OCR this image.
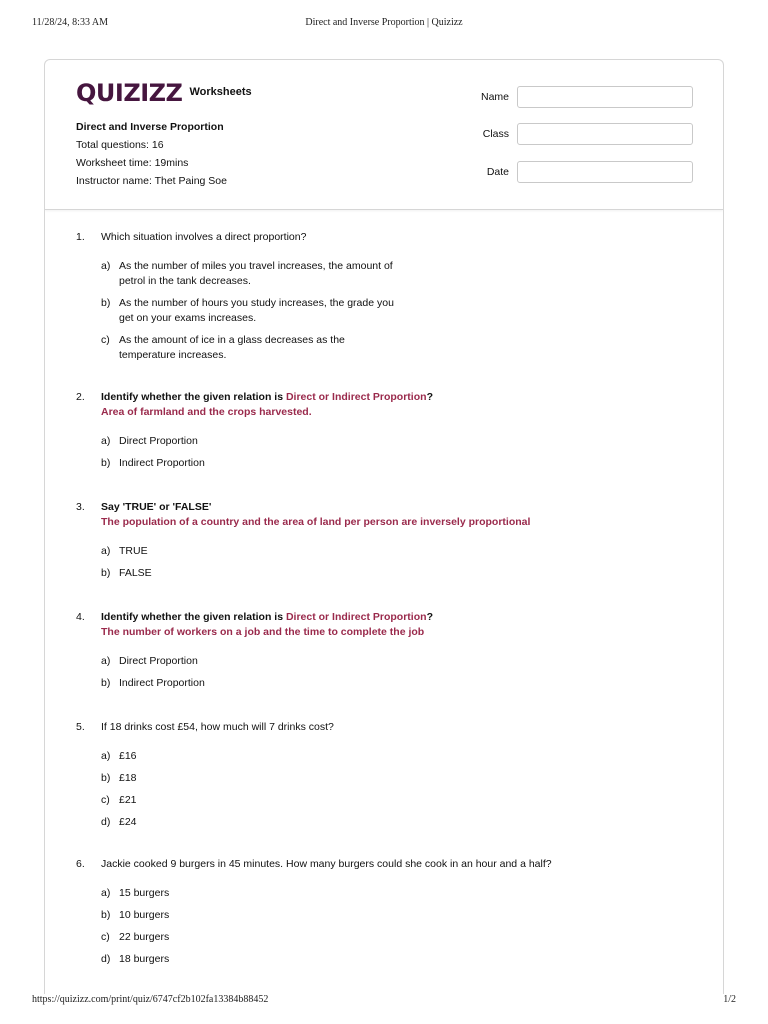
11/28/24, 8:33 AM	Direct and Inverse Proportion | Quizizz
QUIZIZZ Worksheets
Direct and Inverse Proportion
Total questions: 16
Worksheet time: 19mins
Instructor name: Thet Paing Soe
Name
Class
Date
1. Which situation involves a direct proportion?
a) As the number of miles you travel increases, the amount of petrol in the tank decreases.
b) As the number of hours you study increases, the grade you get on your exams increases.
c) As the amount of ice in a glass decreases as the temperature increases.
2. Identify whether the given relation is Direct or Indirect Proportion?
Area of farmland and the crops harvested.
a) Direct Proportion
b) Indirect Proportion
3. Say 'TRUE' or 'FALSE'
The population of a country and the area of land per person are inversely proportional
a) TRUE
b) FALSE
4. Identify whether the given relation is Direct or Indirect Proportion?
The number of workers on a job and the time to complete the job
a) Direct Proportion
b) Indirect Proportion
5. If 18 drinks cost £54, how much will 7 drinks cost?
a) £16
b) £18
c) £21
d) £24
6. Jackie cooked 9 burgers in 45 minutes. How many burgers could she cook in an hour and a half?
a) 15 burgers
b) 10 burgers
c) 22 burgers
d) 18 burgers
https://quizizz.com/print/quiz/6747cf2b102fa13384b88452	1/2
